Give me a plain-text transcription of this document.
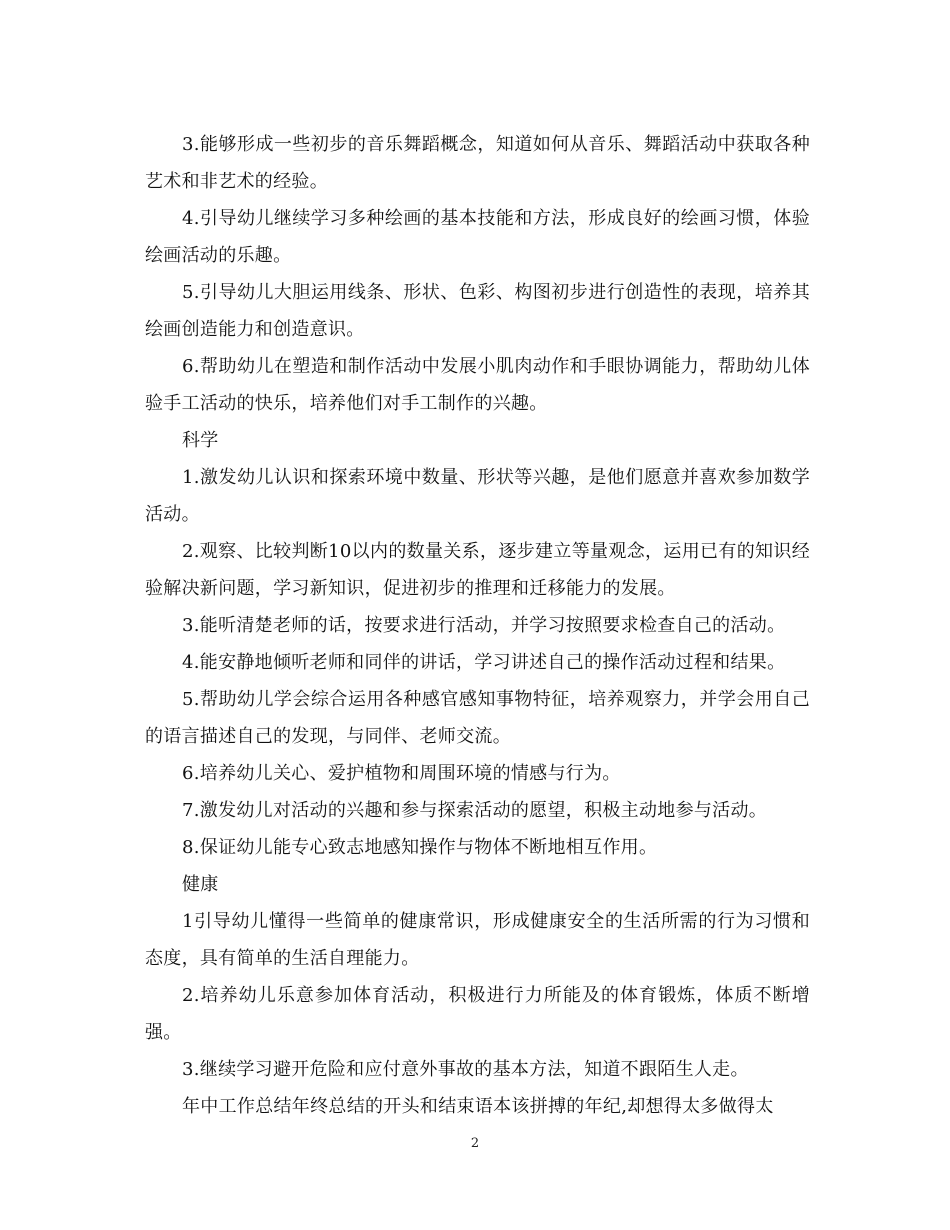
3.能够形成一些初步的音乐舞蹈概念，知道如何从音乐、舞蹈活动中获取各种艺术和非艺术的经验。

4.引导幼儿继续学习多种绘画的基本技能和方法，形成良好的绘画习惯，体验绘画活动的乐趣。

5.引导幼儿大胆运用线条、形状、色彩、构图初步进行创造性的表现，培养其绘画创造能力和创造意识。

6.帮助幼儿在塑造和制作活动中发展小肌肉动作和手眼协调能力，帮助幼儿体验手工活动的快乐，培养他们对手工制作的兴趣。

科学

1.激发幼儿认识和探索环境中数量、形状等兴趣，是他们愿意并喜欢参加数学活动。

2.观察、比较判断10以内的数量关系，逐步建立等量观念，运用已有的知识经验解决新问题，学习新知识，促进初步的推理和迁移能力的发展。

3.能听清楚老师的话，按要求进行活动，并学习按照要求检查自己的活动。

4.能安静地倾听老师和同伴的讲话，学习讲述自己的操作活动过程和结果。

5.帮助幼儿学会综合运用各种感官感知事物特征，培养观察力，并学会用自己的语言描述自己的发现，与同伴、老师交流。

6.培养幼儿关心、爱护植物和周围环境的情感与行为。

7.激发幼儿对活动的兴趣和参与探索活动的愿望，积极主动地参与活动。

8.保证幼儿能专心致志地感知操作与物体不断地相互作用。

健康

1引导幼儿懂得一些简单的健康常识，形成健康安全的生活所需的行为习惯和态度，具有简单的生活自理能力。

2.培养幼儿乐意参加体育活动，积极进行力所能及的体育锻炼，体质不断增强。

3.继续学习避开危险和应付意外事故的基本方法，知道不跟陌生人走。

年中工作总结年终总结的开头和结束语本该拼搏的年纪,却想得太多做得太

2
